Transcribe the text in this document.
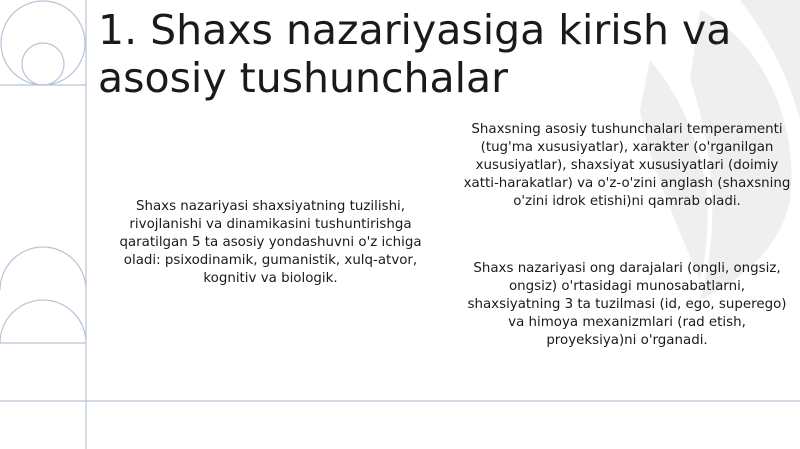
1. Shaxs nazariyasiga kirish va asosiy tushunchalar

Shaxs nazariyasi shaxsiyatning tuzilishi, rivojlanishi va dinamikasini tushuntirishga qaratilgan 5 ta asosiy yondashuvni o'z ichiga oladi: psixodinamik, gumanistik, xulq-atvor, kognitiv va biologik.

Shaxsning asosiy tushunchalari temperamenti (tug'ma xususiyatlar), xarakter (o'rganilgan xususiyatlar), shaxsiyat xususiyatlari (doimiy xatti-harakatlar) va o'z-o'zini anglash (shaxsning o'zini idrok etishi)ni qamrab oladi.

Shaxs nazariyasi ong darajalari (ongli, ongsiz, ongsiz) o'rtasidagi munosabatlarni, shaxsiyatning 3 ta tuzilmasi (id, ego, superego) va himoya mexanizmlari (rad etish, proyeksiya)ni o'rganadi.
